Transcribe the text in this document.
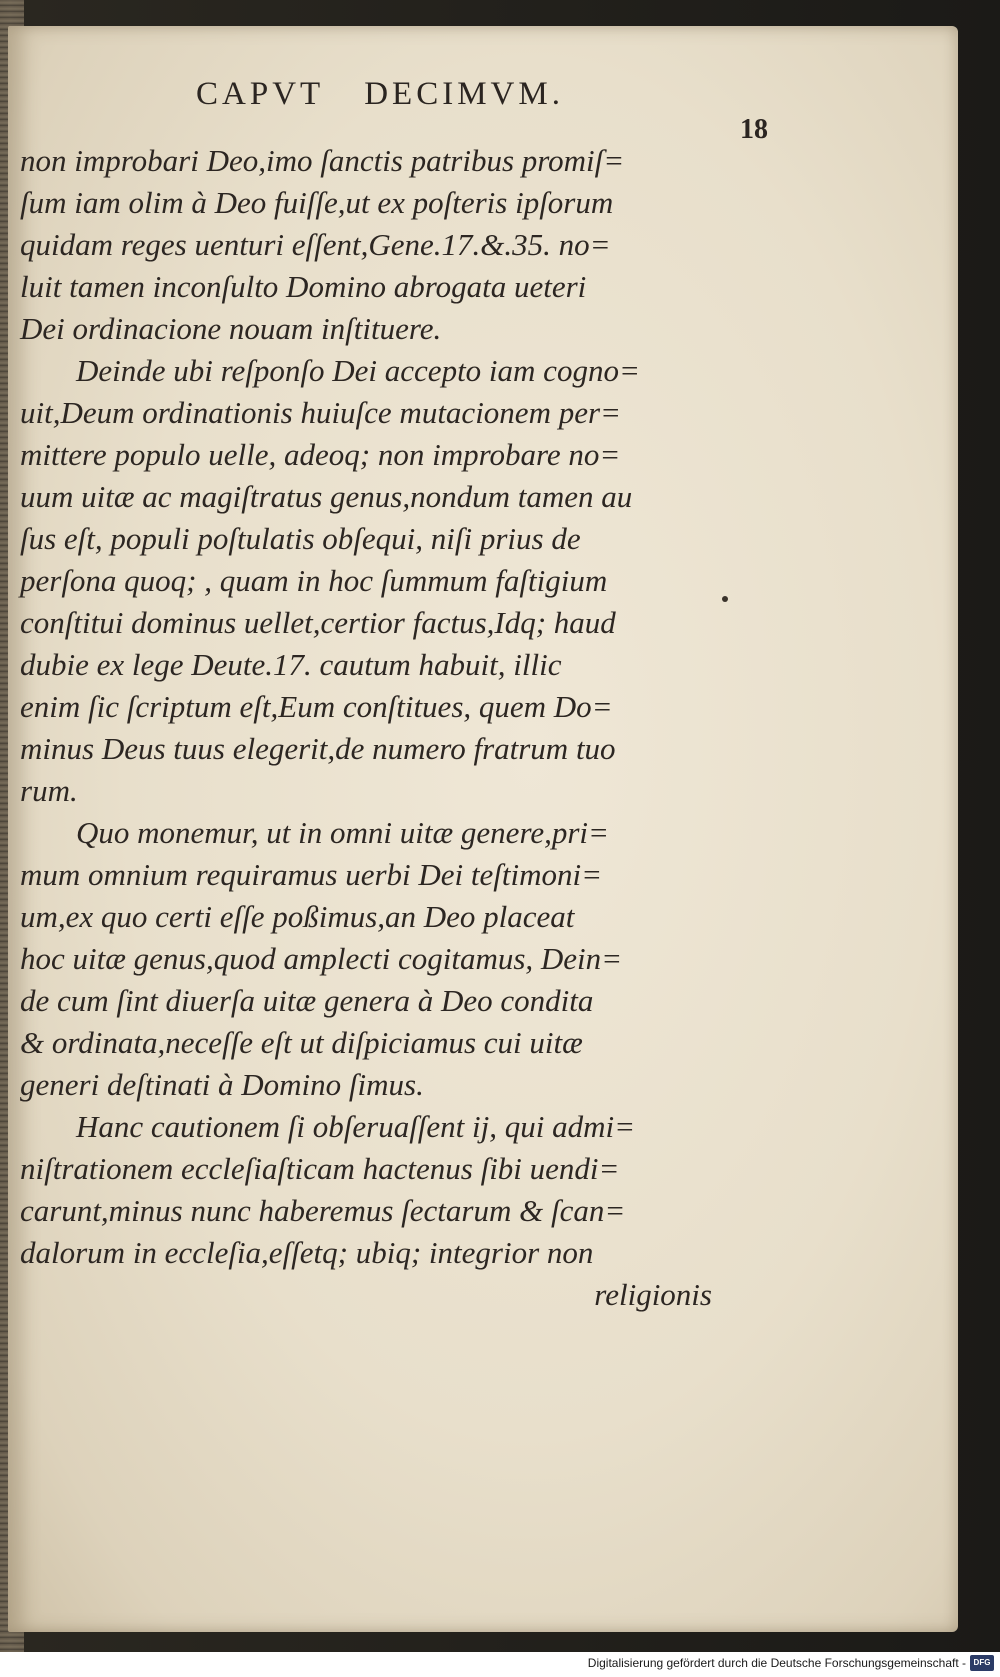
CAPVT DECIMVM.
18
non improbari Deo,imo ſanctis patribus promiſ=
ſum iam olim à Deo fuiſſe,ut ex poſteris ipſorum
quidam reges uenturi eſſent,Gene.17.&.35. no=
luit tamen inconſulto Domino abrogata ueteri
Dei ordinacione nouam inſtituere.
Deinde ubi reſponſo Dei accepto iam cogno=
uit,Deum ordinationis huiuſce mutacionem per=
mittere populo uelle, adeoq; non improbare no=
uum uitæ ac magiſtratus genus,nondum tamen au
ſus eſt, populi poſtulatis obſequi, niſi prius de
perſona quoq; , quam in hoc ſummum faſtigium
conſtitui dominus uellet,certior factus,Idq; haud
dubie ex lege Deute.17. cautum habuit, illic
enim ſic ſcriptum eſt,Eum conſtitues, quem Do=
minus Deus tuus elegerit,de numero fratrum tuo
rum.
Quo monemur, ut in omni uitæ genere,pri=
mum omnium requiramus uerbi Dei teſtimoni=
um,ex quo certi eſſe poßimus,an Deo placeat
hoc uitæ genus,quod amplecti cogitamus, Dein=
de cum ſint diuerſa uitæ genera à Deo condita
& ordinata,neceſſe eſt ut diſpiciamus cui uitæ
generi deſtinati à Domino ſimus.
Hanc cautionem ſi obſeruaſſent ij, qui admi=
niſtrationem eccleſiaſticam hactenus ſibi uendi=
carunt,minus nunc haberemus ſectarum & ſcan=
dalorum in eccleſia,eſſetq; ubiq; integrior non
religionis
Digitalisierung gefördert durch die Deutsche Forschungsgemeinschaft - DFG
